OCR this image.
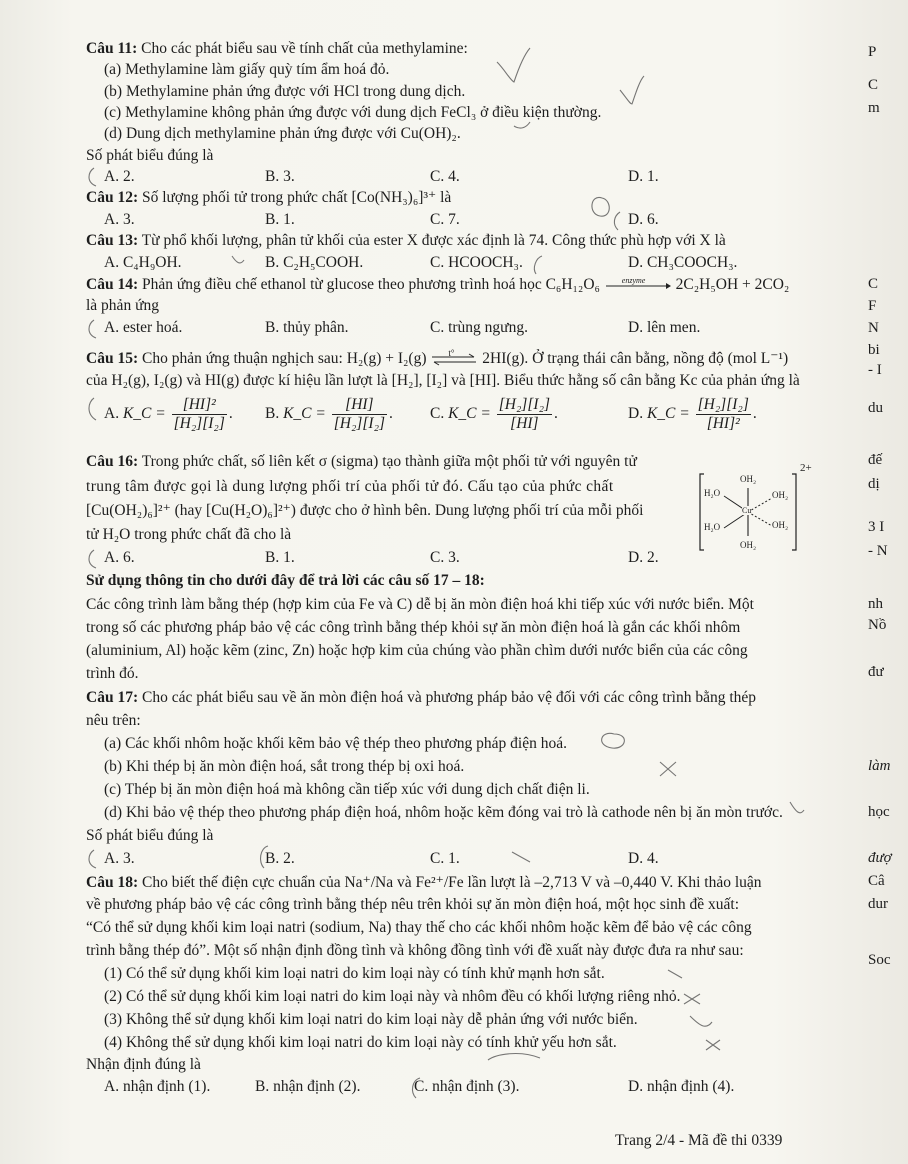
Câu 11: Cho các phát biểu sau về tính chất của methylamine:
(a) Methylamine làm giấy quỳ tím ẩm hoá đỏ.
(b) Methylamine phản ứng được với HCl trong dung dịch.
(c) Methylamine không phản ứng được với dung dịch FeCl₃ ở điều kiện thường.
(d) Dung dịch methylamine phản ứng được với Cu(OH)₂.
Số phát biểu đúng là
A. 2.	B. 3.	C. 4.	D. 1.
Câu 12: Số lượng phối tử trong phức chất [Co(NH₃)₆]³⁺ là
A. 3.	B. 1.	C. 7.	D. 6.
Câu 13: Từ phổ khối lượng, phân tử khối của ester X được xác định là 74. Công thức phù hợp với X là
A. C₄H₉OH.	B. C₂H₅COOH.	C. HCOOCH₃.	D. CH₃COOCH₃.
Câu 14: Phản ứng điều chế ethanol từ glucose theo phương trình hoá học C₆H₁₂O₆	enzyme 2C₂H₅OH + 2CO₂
là phản ứng
A. ester hoá.	B. thủy phân.	C. trùng ngưng.	D. lên men.
Câu 15: Cho phản ứng thuận nghịch sau: H₂(g) + I₂(g) t° 2HI(g). Ở trạng thái cân bằng, nồng độ (mol L⁻¹)
của H₂(g), I₂(g) và HI(g) được kí hiệu lần lượt là [H₂], [I₂] và [HI]. Biểu thức hằng số cân bằng Kc của phản ứng là
A. K_C = $\frac{\text{[HI]²}}{\text{[H₂][I₂]}}$ . B. K_C = $\frac{[HI]}{\text{[H₂][I₂]}}$ . C. K_C = $\frac{\text{[H₂][I₂]}}{[HI]}$ .	D. K_C = $\frac{\text{[H₂][I₂]}}{\text{[HI]²}}$ .
Câu 16: Trong phức chất, số liên kết σ (sigma) tạo thành giữa một phối tử với nguyên tử
trung tâm được gọi là dung lượng phối trí của phối tử đó. Cấu tạo của phức chất
[Cu(OH₂)₆]²⁺ (hay [Cu(H₂O)₆]²⁺) được cho ở hình bên. Dung lượng phối trí của mỗi phối
tử H₂O trong phức chất đã cho là
A. 6.	B. 1.	C. 3.	D. 2.
OH₂
Cu
H₂O
H₂O
OH₂
OH₂
OH₂
2+
Sử dụng thông tin cho dưới đây để trả lời các câu số 17 – 18:
Các công trình làm bằng thép (hợp kim của Fe và C) dễ bị ăn mòn điện hoá khi tiếp xúc với nước biển. Một
trong số các phương pháp bảo vệ các công trình bằng thép khỏi sự ăn mòn điện hoá là gắn các khối nhôm
(aluminium, Al) hoặc kẽm (zinc, Zn) hoặc hợp kim của chúng vào phần chìm dưới nước biển của các công
trình đó.
Câu 17: Cho các phát biểu sau về ăn mòn điện hoá và phương pháp bảo vệ đối với các công trình bằng thép
nêu trên:
(a) Các khối nhôm hoặc khối kẽm bảo vệ thép theo phương pháp điện hoá.
(b) Khi thép bị ăn mòn điện hoá, sắt trong thép bị oxi hoá.
(c) Thép bị ăn mòn điện hoá mà không cần tiếp xúc với dung dịch chất điện li.
(d) Khi bảo vệ thép theo phương pháp điện hoá, nhôm hoặc kẽm đóng vai trò là cathode nên bị ăn mòn trước.
Số phát biểu đúng là
A. 3.	B. 2.	C. 1.	D. 4.
Câu 18: Cho biết thế điện cực chuẩn của Na⁺/Na và Fe²⁺/Fe lần lượt là –2,713 V và –0,440 V. Khi thảo luận
về phương pháp bảo vệ các công trình bằng thép nêu trên khỏi sự ăn mòn điện hoá, một học sinh đề xuất:
“Có thể sử dụng khối kim loại natri (sodium, Na) thay thế cho các khối nhôm hoặc kẽm để bảo vệ các công
trình bằng thép đó”. Một số nhận định đồng tình và không đồng tình với đề xuất này được đưa ra như sau:
(1) Có thể sử dụng khối kim loại natri do kim loại này có tính khử mạnh hơn sắt.
(2) Có thể sử dụng khối kim loại natri do kim loại này và nhôm đều có khối lượng riêng nhỏ.
(3) Không thể sử dụng khối kim loại natri do kim loại này dễ phản ứng với nước biển.
(4) Không thể sử dụng khối kim loại natri do kim loại này có tính khử yếu hơn sắt.
Nhận định đúng là
A. nhận định (1).	B. nhận định (2).	C. nhận định (3).	D. nhận định (4).
Trang 2/4 - Mã đề thi 0339
P
C
m
C
F
N
bi
- I
du
đế
dị
3 I
- N
nh
Nồ
đư
làm
học
đượ
Câ
dur
Soc
